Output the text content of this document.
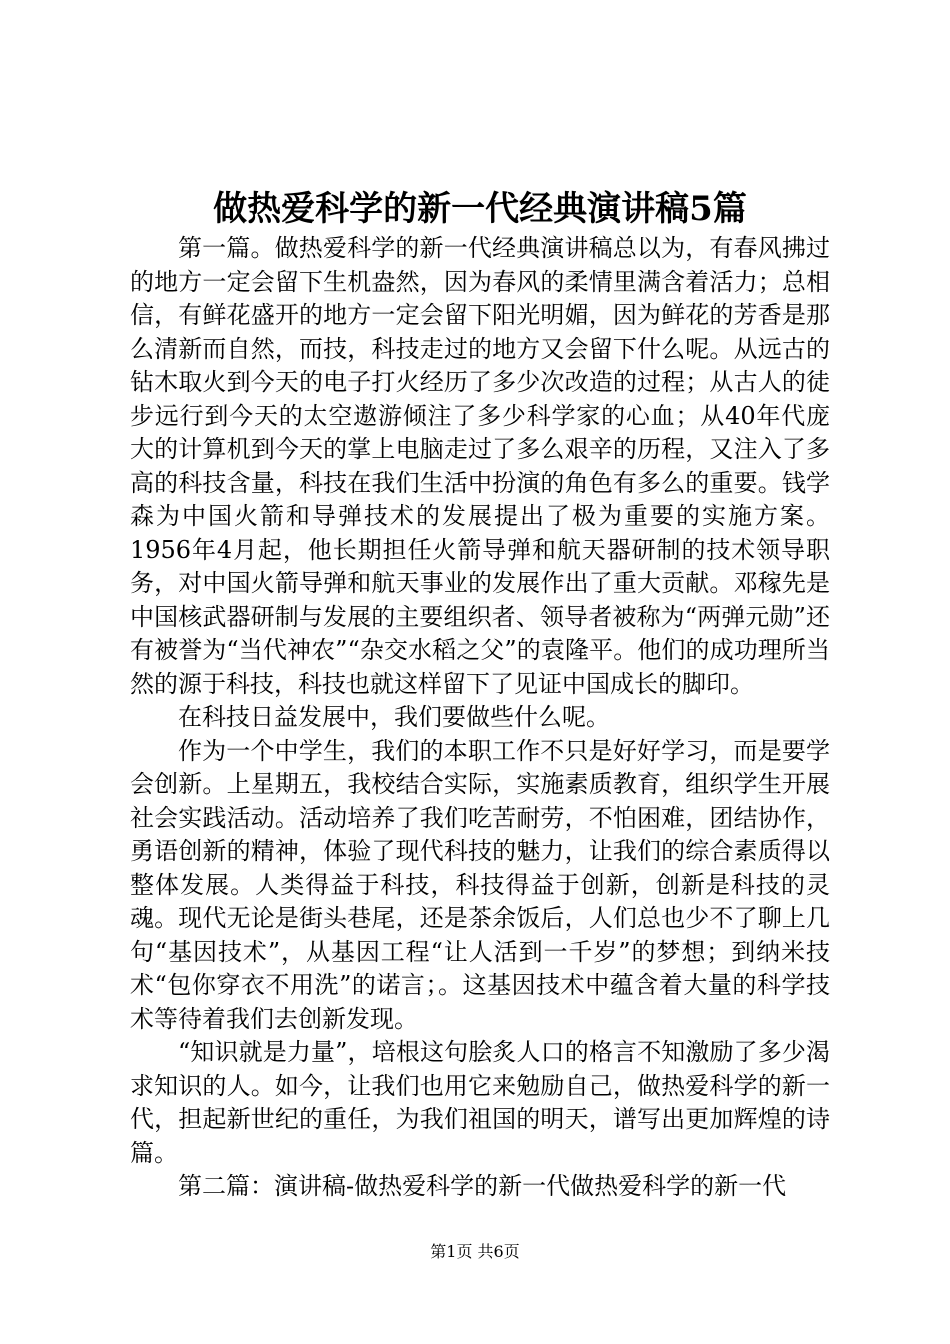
做热爱科学的新一代经典演讲稿5篇

第一篇。做热爱科学的新一代经典演讲稿总以为，有春风拂过的地方一定会留下生机盎然，因为春风的柔情里满含着活力；总相信，有鲜花盛开的地方一定会留下阳光明媚，因为鲜花的芳香是那么清新而自然，而技，科技走过的地方又会留下什么呢。从远古的钻木取火到今天的电子打火经历了多少次改造的过程；从古人的徒步远行到今天的太空遨游倾注了多少科学家的心血；从40年代庞大的计算机到今天的掌上电脑走过了多么艰辛的历程，又注入了多高的科技含量，科技在我们生活中扮演的角色有多么的重要。钱学森为中国火箭和导弹技术的发展提出了极为重要的实施方案。1956年4月起，他长期担任火箭导弹和航天器研制的技术领导职务，对中国火箭导弹和航天事业的发展作出了重大贡献。邓稼先是中国核武器研制与发展的主要组织者、领导者被称为“两弹元勋”还有被誉为“当代神农”“杂交水稻之父”的袁隆平。他们的成功理所当然的源于科技，科技也就这样留下了见证中国成长的脚印。

在科技日益发展中，我们要做些什么呢。

作为一个中学生，我们的本职工作不只是好好学习，而是要学会创新。上星期五，我校结合实际，实施素质教育，组织学生开展社会实践活动。活动培养了我们吃苦耐劳，不怕困难，团结协作，勇语创新的精神，体验了现代科技的魅力，让我们的综合素质得以整体发展。人类得益于科技，科技得益于创新，创新是科技的灵魂。现代无论是街头巷尾，还是茶余饭后，人们总也少不了聊上几句“基因技术”，从基因工程“让人活到一千岁”的梦想；到纳米技术“包你穿衣不用洗”的诺言；。这基因技术中蕴含着大量的科学技术等待着我们去创新发现。

“知识就是力量”，培根这句脍炙人口的格言不知激励了多少渴求知识的人。如今，让我们也用它来勉励自己，做热爱科学的新一代，担起新世纪的重任，为我们祖国的明天，谱写出更加辉煌的诗篇。

第二篇：演讲稿-做热爱科学的新一代做热爱科学的新一代

第1页 共6页
